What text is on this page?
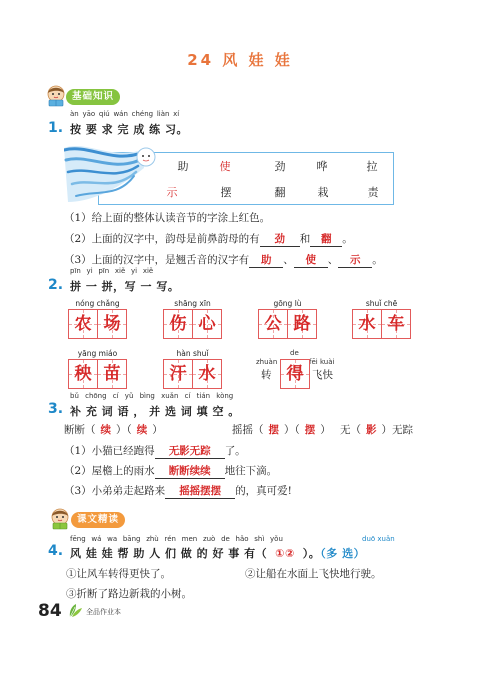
24 风 娃 娃
基础知识
1.
àn yāo qiú wán chéng liàn xí
按 要 求 完 成 练 习。
助	使	劲	哗	拉
示	摆	翻	栽	责
（1）给上面的整体认读音节的字涂上红色。
（2）上面的汉字中，韵母是前鼻韵母的有 劲 和 翻 。
（3）上面的汉字中，是翘舌音的汉字有 助 、 使 、 示 。
2.
pīn yi pīn xiě yi xiě
拼 一 拼，写 一 写。
nóng chǎng
农 场
shāng xīn
伤 心
gōng lù
公 路
shuǐ chē
水 车
yāng miáo
秧 苗
hàn shuǐ
汗 水
zhuàn
de
fēi kuài
转 得 飞快
3.
bǔ chōng cí yǔ bìng xuǎn cí tián kòng
补 充 词 语 ， 并 选 词 填 空 。
断断（ 续 ）（ 续 ）	摇摇（ 摆 ）（ 摆 ） 无（ 影 ）无踪
（1）小猫已经跑得 无影无踪 了。
（2）屋檐上的雨水 断断续续 地往下滴。
（3）小弟弟走起路来 摇摇摆摆 的，真可爱!
课文精读
4.
fēng wá wa bāng zhù rén men zuò de hǎo shì yǒu	duō xuǎn
风 娃 娃 帮 助 人 们 做 的 好 事 有（ ①② ）。（多 选）
①让风车转得更快了。	②让船在水面上飞快地行驶。
③折断了路边新栽的小树。
84	全品作业本
